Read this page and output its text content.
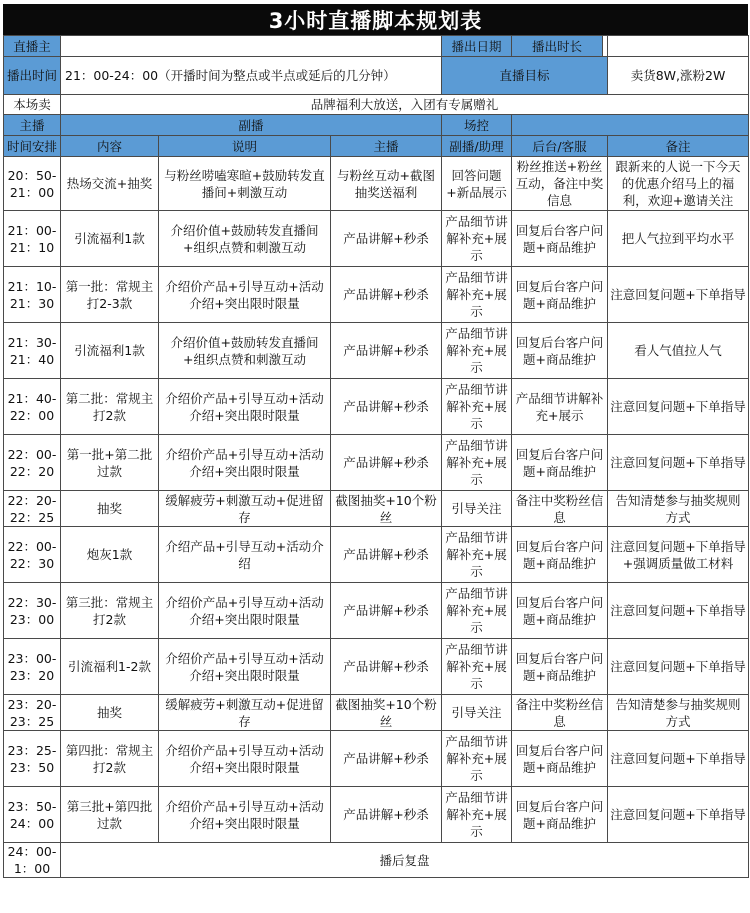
3小时直播脚本规划表
直播主				播出日期		播出时长

播出时间	21：00-24：00（开播时间为整点或半点或延后的几分钟）			直播目标		卖货8W,涨粉2W
本场卖	品牌福利大放送，入团有专属赠礼					
主播	副播			场控		
时间安排	内容	说明	主播	副播/助理	后台/客服	备注
20：50-21：00	热场交流+抽奖	与粉丝唠嗑寒暄+鼓励转发直播间+刺激互动	与粉丝互动+截图抽奖送福利	回答问题+新品展示	粉丝推送+粉丝互动，备注中奖信息	跟新来的人说一下今天的优惠介绍马上的福利，欢迎+邀请关注
21：00-21：10	引流福利1款	介绍价值+鼓励转发直播间+组织点赞和刺激互动	产品讲解+秒杀	产品细节讲解补充+展示	回复后台客户问题+商品维护	把人气拉到平均水平
21：10-21：30	第一批：常规主打2-3款	介绍价产品+引导互动+活动介绍+突出限时限量	产品讲解+秒杀	产品细节讲解补充+展示	回复后台客户问题+商品维护	注意回复问题+下单指导
21：30-21：40	引流福利1款	介绍价值+鼓励转发直播间+组织点赞和刺激互动	产品讲解+秒杀	产品细节讲解补充+展示	回复后台客户问题+商品维护	看人气值拉人气
21：40-22：00	第二批：常规主打2款	介绍价产品+引导互动+活动介绍+突出限时限量	产品讲解+秒杀	产品细节讲解补充+展示	产品细节讲解补充+展示	注意回复问题+下单指导
22：00-22：20	第一批+第二批过款	介绍价产品+引导互动+活动介绍+突出限时限量	产品讲解+秒杀	产品细节讲解补充+展示	回复后台客户问题+商品维护	注意回复问题+下单指导
22：20-22：25	抽奖	缓解疲劳+刺激互动+促进留存	截图抽奖+10个粉丝	引导关注	备注中奖粉丝信息	告知清楚参与抽奖规则方式
22：00-22：30	炮灰1款	介绍产品+引导互动+活动介绍	产品讲解+秒杀	产品细节讲解补充+展示	回复后台客户问题+商品维护	注意回复问题+下单指导+强调质量做工材料
22：30-23：00	第三批：常规主打2款	介绍价产品+引导互动+活动介绍+突出限时限量	产品讲解+秒杀	产品细节讲解补充+展示	回复后台客户问题+商品维护	注意回复问题+下单指导
23：00-23：20	引流福利1-2款	介绍价产品+引导互动+活动介绍+突出限时限量	产品讲解+秒杀	产品细节讲解补充+展示	回复后台客户问题+商品维护	注意回复问题+下单指导
23：20-23：25	抽奖	缓解疲劳+刺激互动+促进留存	截图抽奖+10个粉丝	引导关注	备注中奖粉丝信息	告知清楚参与抽奖规则方式
23：25-23：50	第四批：常规主打2款	介绍价产品+引导互动+活动介绍+突出限时限量	产品讲解+秒杀	产品细节讲解补充+展示	回复后台客户问题+商品维护	注意回复问题+下单指导
23：50-24：00	第三批+第四批过款	介绍价产品+引导互动+活动介绍+突出限时限量	产品讲解+秒杀	产品细节讲解补充+展示	回复后台客户问题+商品维护	注意回复问题+下单指导
24：00-1：00	播后复盘					
